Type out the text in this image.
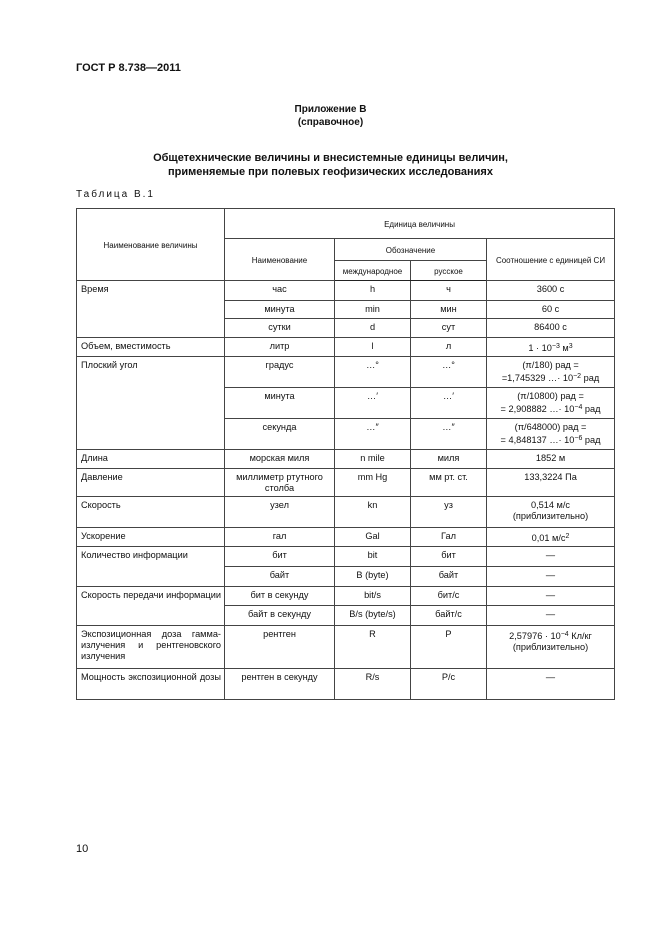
ГОСТ Р 8.738—2011
Приложение В
(справочное)
Общетехнические величины и внесистемные единицы величин,
применяемые при полевых геофизических исследованиях
Таблица В.1
Наименование величины	Единица величины			
	Наименование	Обозначение		Соотношение с единицей СИ
		международное	русское	
Время	час	h	ч	3600 с
	минута	min	мин	60 с
	сутки	d	сут	86400 с
Объем, вместимость	литр	l	л	$1 \cdot 10^{-3}$ $м^3$
Плоский угол	градус	…°	…°	(π/180) рад =
=1,745329 …· $10^{-2}$ рад

	минута	…′	…′	(π/10800) рад =
= 2,908882 …· $10^{-4}$ рад

	секунда	…″	…″	(π/648000) рад =
= 4,848137 …· $10^{-6}$ рад

Длина	морская миля	n mile	миля	1852 м
Давление	миллиметр ртутного столба	mm Hg	мм рт. ст.	133,3224 Па
Скорость	узел	kn	уз	0,514 м/с
(приблизительно)

Ускорение	гал	Gal	Гал	0,01 $м/с^2$
Количество информации	бит	bit	бит	—
	байт	B (byte)	байт	—
Скорость передачи информации	бит в секунду	bit/s	бит/с	—
	байт в секунду	B/s (byte/s)	байт/с	—
Экспозиционная доза гамма-излучения и рентгеновского излучения	рентген	R	Р	$2,57976 \cdot 10^{-4}$ Кл/кг
(приблизительно)

Мощность экспозиционной дозы	рентген в секунду	R/s	Р/с	—
10
